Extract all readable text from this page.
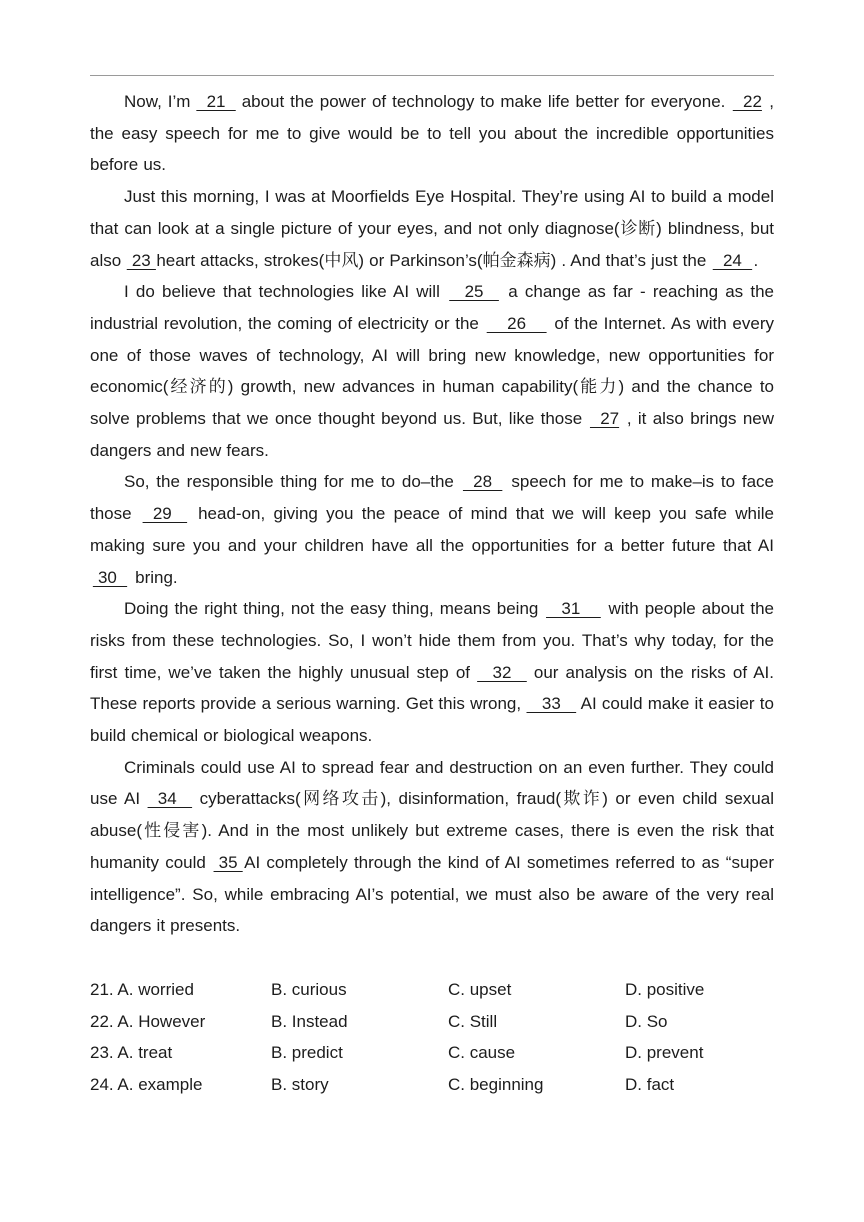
Now, I’m   21   about the power of technology to make life better for everyone.   22 , the easy speech for me to give would be to tell you about the incredible opportunities before us.

Just this morning, I was at Moorfields Eye Hospital. They’re using AI to build a model that can look at a single picture of your eyes, and not only diagnose(诊断) blindness, but also  23 heart attacks, strokes(中风) or Parkinson’s(帕金森病) . And that’s just the   24  .

I do believe that technologies like AI will    25    a change as far - reaching as the industrial revolution, the coming of electricity or the     26     of the Internet. As with every one of those waves of technology, AI will bring new knowledge, new opportunities for economic(经济的) growth, new advances in human capability(能力) and the chance to solve problems that we once thought beyond us. But, like those   27 , it also brings new dangers and new fears.

So, the responsible thing for me to do–the   28   speech for me to make–is to face those   29    head-on, giving you the peace of mind that we will keep you safe while making sure you and your children have all the opportunities for a better future that AI  30   bring.

Doing the right thing, not the easy thing, means being    31     with people about the risks from these technologies. So, I won’t hide them from you. That’s why today, for the first time, we’ve taken the highly unusual step of    32    our analysis on the risks of AI. These reports provide a serious warning. Get this wrong,    33    AI could make it easier to build chemical or biological weapons.

Criminals could use AI to spread fear and destruction on an even further. They could use AI   34    cyberattacks(网络攻击), disinformation, fraud(欺诈) or even child sexual abuse(性侵害). And in the most unlikely but extreme cases, there is even the risk that humanity could  35 AI completely through the kind of AI sometimes referred to as “super intelligence”. So, while embracing AI’s potential, we must also be aware of the very real dangers it presents.

21. A. worried	B. curious	C. upset	D. positive
22. A. However	B. Instead	C. Still	D. So
23. A. treat	B. predict	C. cause	D. prevent
24. A. example	B. story	C. beginning	D. fact
